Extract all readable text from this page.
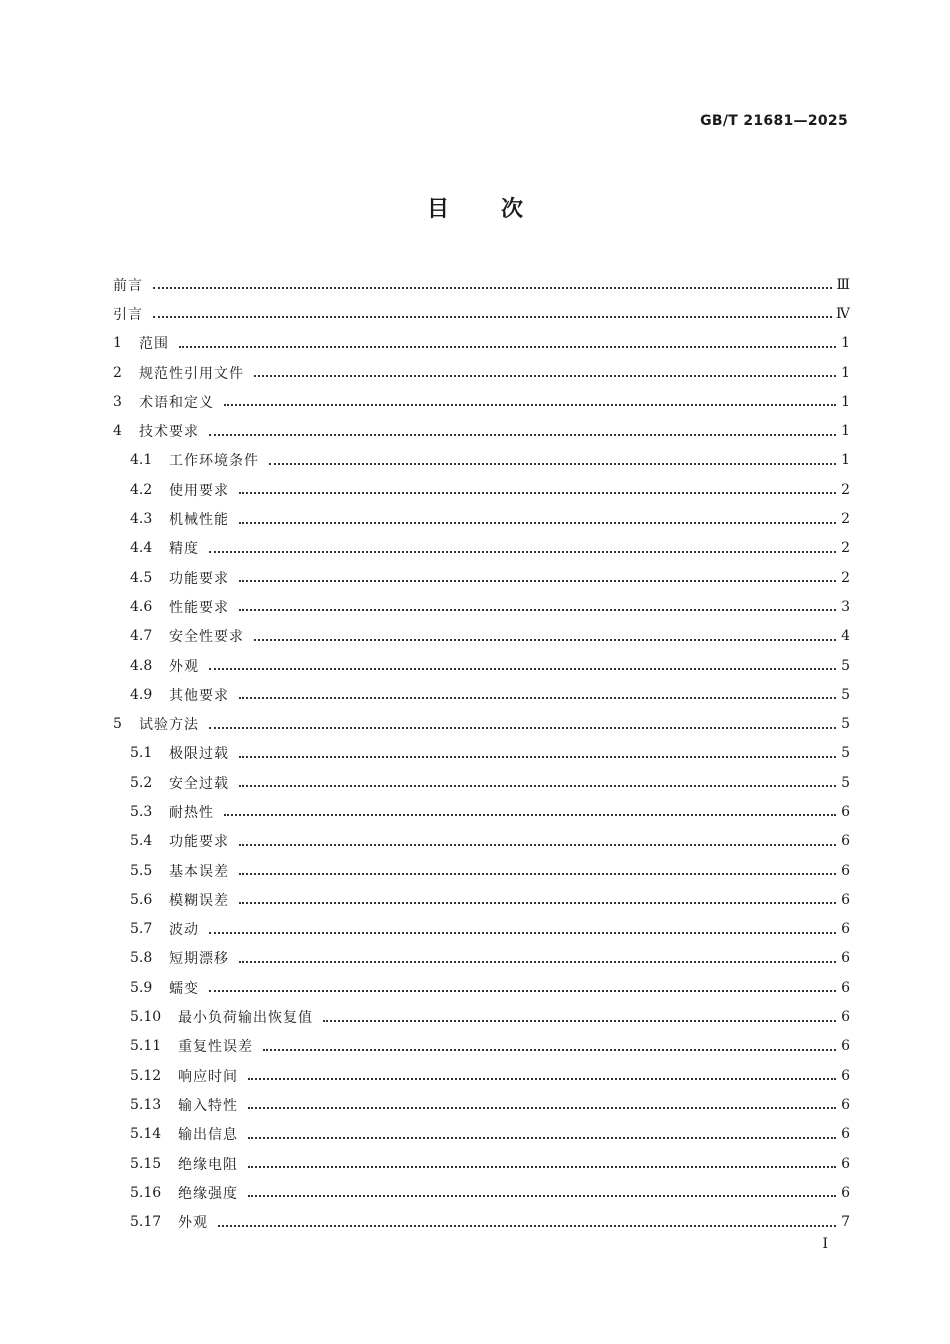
GB/T 21681—2025
目次
前言	Ⅲ
引言	Ⅳ
1	范围	1
2	规范性引用文件	1
3	术语和定义	1
4	技术要求	1
4.1	工作环境条件	1
4.2	使用要求	2
4.3	机械性能	2
4.4	精度	2
4.5	功能要求	2
4.6	性能要求	3
4.7	安全性要求	4
4.8	外观	5
4.9	其他要求	5
5	试验方法	5
5.1	极限过载	5
5.2	安全过载	5
5.3	耐热性	6
5.4	功能要求	6
5.5	基本误差	6
5.6	模糊误差	6
5.7	波动	6
5.8	短期漂移	6
5.9	蠕变	6
5.10	最小负荷输出恢复值	6
5.11	重复性误差	6
5.12	响应时间	6
5.13	输入特性	6
5.14	输出信息	6
5.15	绝缘电阻	6
5.16	绝缘强度	6
5.17	外观	7
Ⅰ
